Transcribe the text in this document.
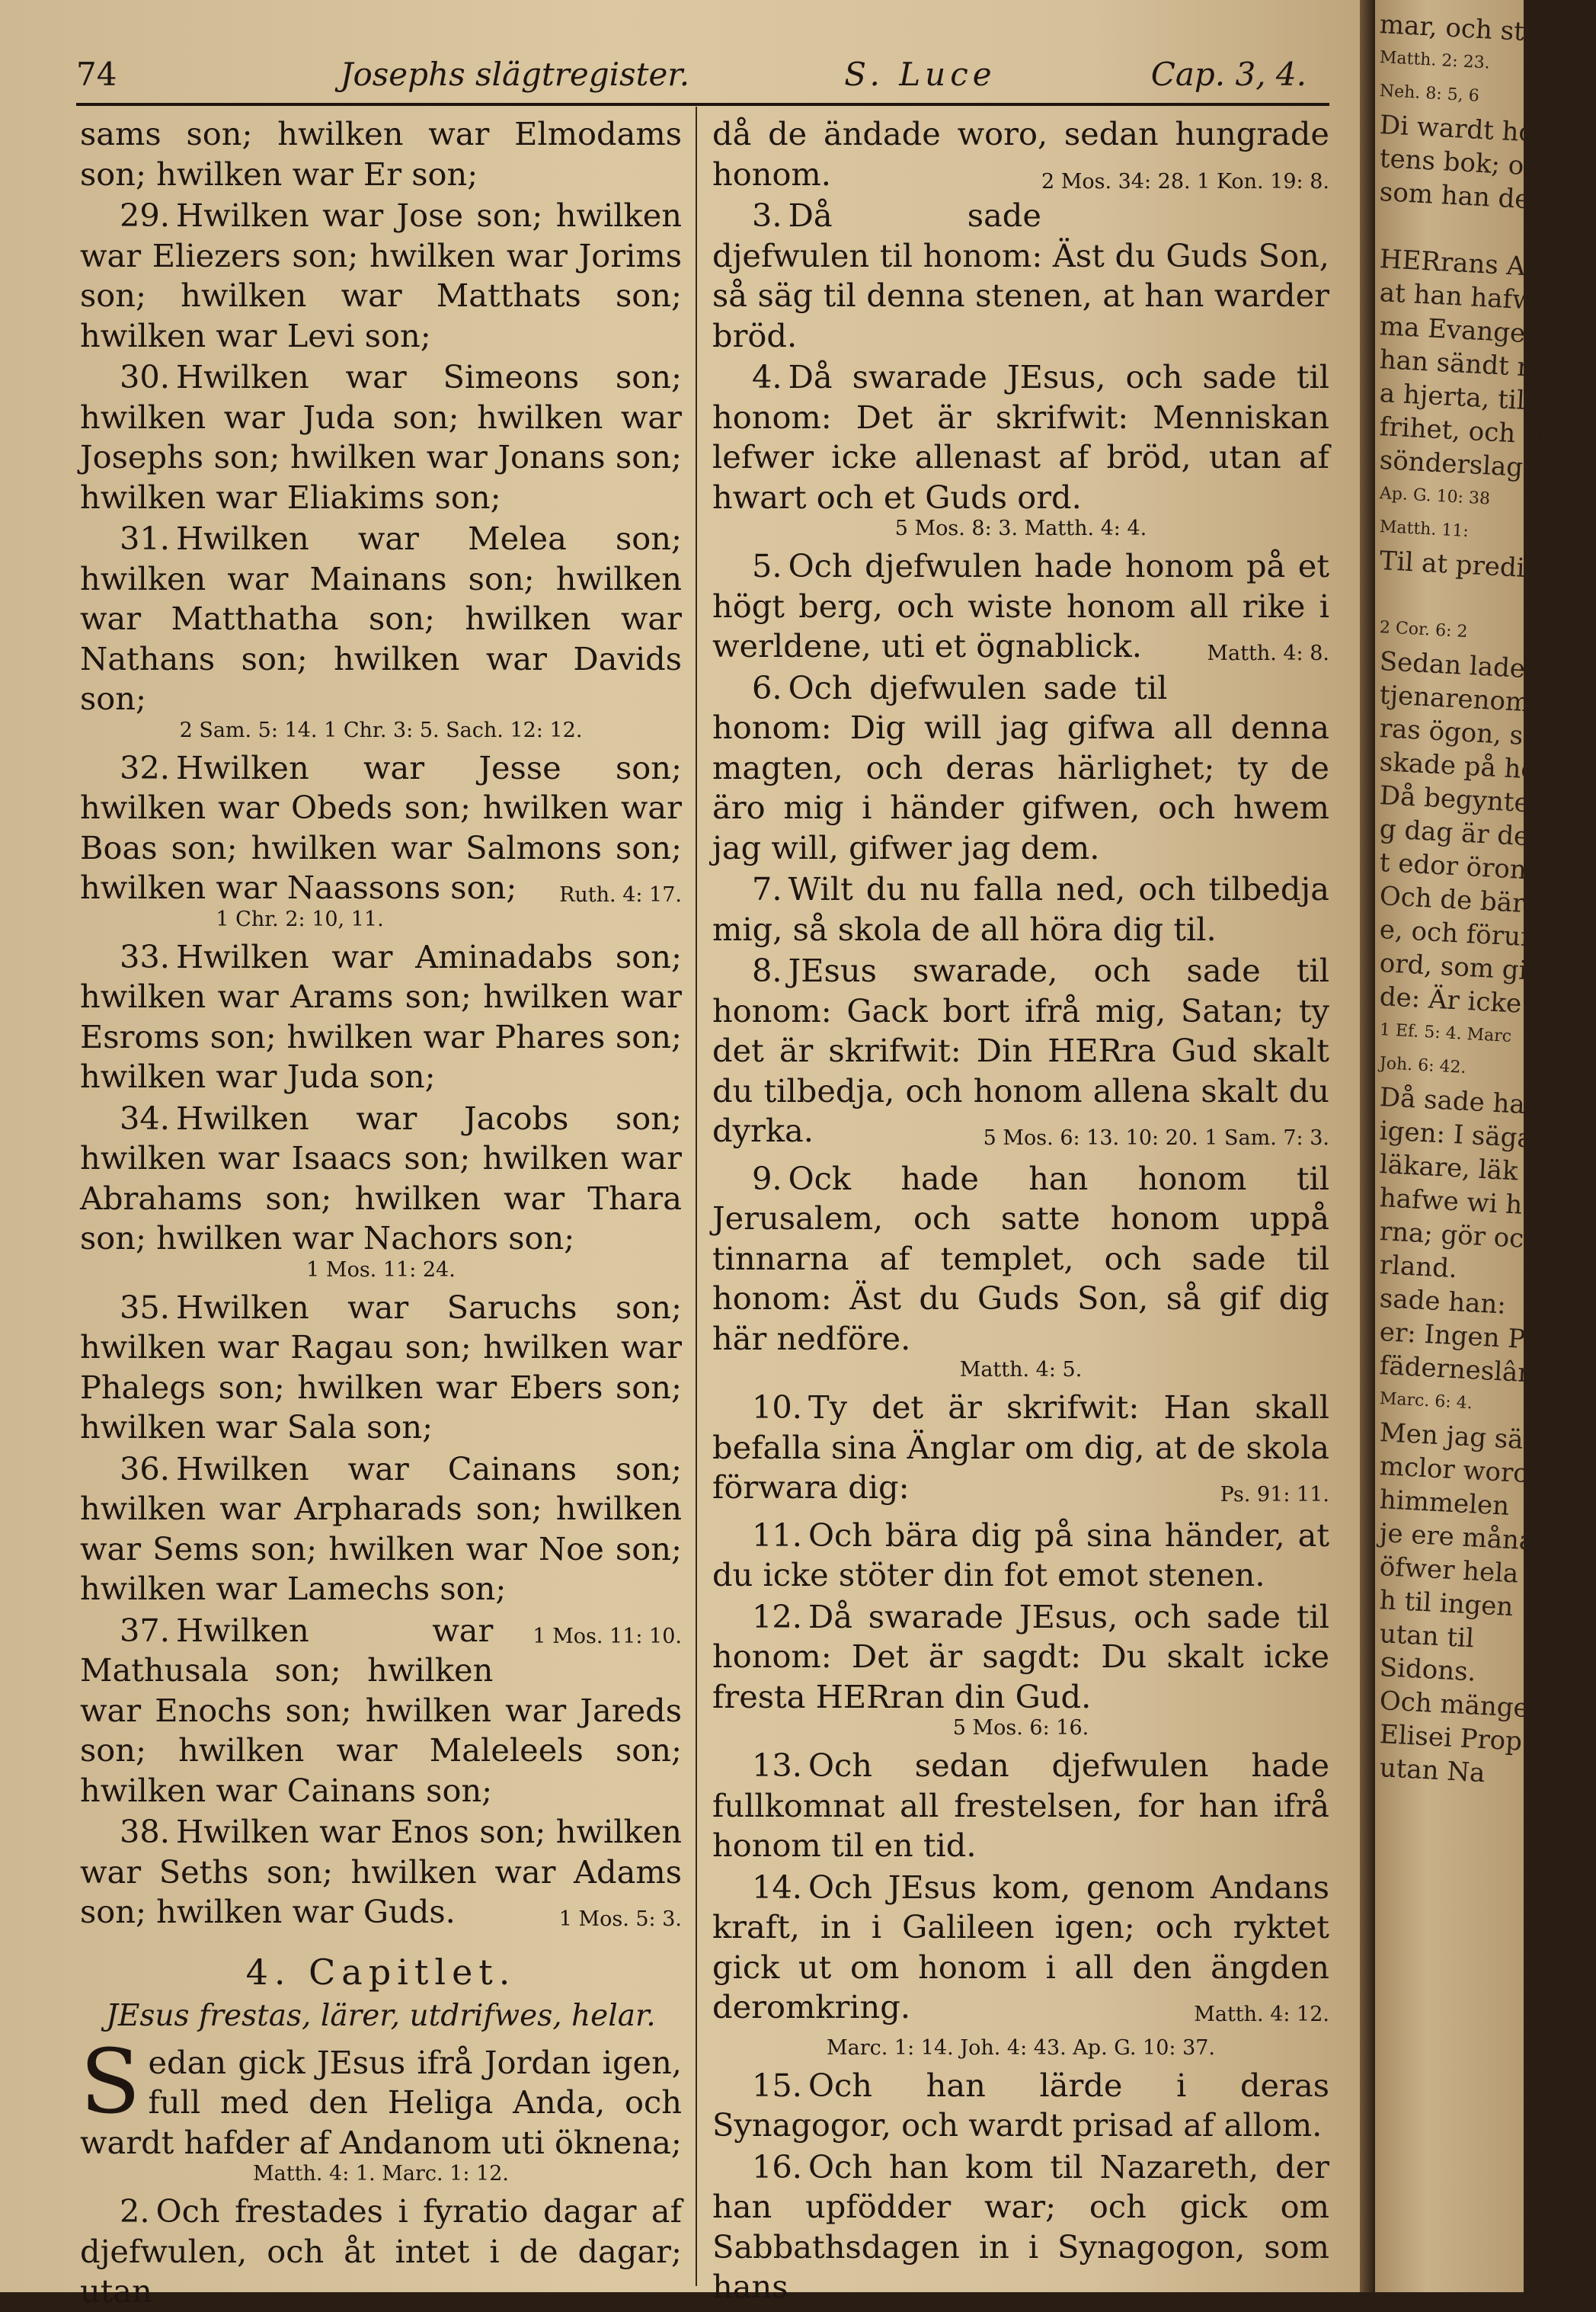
74	Josephs slägtregister.	S. Luce	Cap. 3, 4.
sams son; hwilken war Elmodams son; hwilken war Er son;
29. Hwilken war Jose son; hwilken war Eliezers son; hwilken war Jorims son; hwilken war Matthats son; hwilken war Levi son;
30. Hwilken war Simeons son; hwilken war Juda son; hwilken war Josephs son; hwilken war Jonans son; hwilken war Eliakims son;
31. Hwilken war Melea son; hwilken war Mainans son; hwilken war Matthatha son; hwilken war Nathans son; hwilken war Davids son;
2 Sam. 5: 14. 1 Chr. 3: 5. Sach. 12: 12.
32. Hwilken war Jesse son; hwilken war Obeds son; hwilken war Boas son; hwilken war Salmons son; hwilken war Naassons son;	Ruth. 4: 17.
1 Chr. 2: 10, 11.
33. Hwilken war Aminadabs son; hwilken war Arams son; hwilken war Esroms son; hwilken war Phares son; hwilken war Juda son;
34. Hwilken war Jacobs son; hwilken war Isaacs son; hwilken war Abrahams son; hwilken war Thara son; hwilken war Nachors son;
1 Mos. 11: 24.
35. Hwilken war Saruchs son; hwilken war Ragau son; hwilken war Phalegs son; hwilken war Ebers son; hwilken war Sala son;
36. Hwilken war Cainans son; hwilken war Arpharads son; hwilken war Sems son; hwilken war Noe son; hwilken war Lamechs son;
1 Mos. 11: 10.
37. Hwilken war Mathusala son; hwilken war Enochs son; hwilken war Jareds son; hwilken war Maleleels son; hwilken war Cainans son;
38. Hwilken war Enos son; hwilken war Seths son; hwilken war Adams son; hwilken war Guds.	1 Mos. 5: 3.
4. Capitlet.
JEsus frestas, lärer, utdrifwes, helar.
Sedan gick JEsus ifrå Jordan igen, full med den Heliga Anda, och wardt hafder af Andanom uti öknena;
Matth. 4: 1. Marc. 1: 12.
2. Och frestades i fyratio dagar af djefwulen, och åt intet i de dagar; utan
då de ändade woro, sedan hungrade honom.	2 Mos. 34: 28. 1 Kon. 19: 8.
3. Då sade djefwulen til honom: Äst du Guds Son, så säg til denna stenen, at han warder bröd.
4. Då swarade JEsus, och sade til honom: Det är skrifwit: Menniskan lefwer icke allenast af bröd, utan af hwart och et Guds ord.
5 Mos. 8: 3. Matth. 4: 4.
5. Och djefwulen hade honom på et högt berg, och wiste honom all rike i werldene, uti et ögnablick.	Matth. 4: 8.
6. Och djefwulen sade til honom: Dig will jag gifwa all denna magten, och deras härlighet; ty de äro mig i händer gifwen, och hwem jag will, gifwer jag dem.
7. Wilt du nu falla ned, och tilbedja mig, så skola de all höra dig til.
8. JEsus swarade, och sade til honom: Gack bort ifrå mig, Satan; ty det är skrifwit: Din HERra Gud skalt du tilbedja, och honom allena skalt du dyrka.	5 Mos. 6: 13. 10: 20. 1 Sam. 7: 3.
9. Ock hade han honom til Jerusalem, och satte honom uppå tinnarna af templet, och sade til honom: Äst du Guds Son, så gif dig här nedföre.
Matth. 4: 5.
10. Ty det är skrifwit: Han skall befalla sina Änglar om dig, at de skola förwara dig:	Ps. 91: 11.
11. Och bära dig på sina händer, at du icke stöter din fot emot stenen.
12. Då swarade JEsus, och sade til honom: Det är sagdt: Du skalt icke fresta HERran din Gud.
5 Mos. 6: 16.
13. Och sedan djefwulen hade fullkomnat all frestelsen, for han ifrå honom til en tid.
14. Och JEsus kom, genom Andans kraft, in i Galileen igen; och ryktet gick ut om honom i all den ängden deromkring.	Matth. 4: 12.
Marc. 1: 14. Joh. 4: 43. Ap. G. 10: 37.
15. Och han lärde i deras Synagogor, och wardt prisad af allom.
16. Och han kom til Nazareth, der han upfödder war; och gick om Sabbathsdagen in i Synagogon, som hans
mar, och stod
Matth. 2: 23.
Neh. 8: 5, 6
Di wardt honom
tens bok; och
som han det ru

HERrans Ande
at han hafwer
ma Evangelium
han sändt mig,
a hjerta, til
frihet, och den
sönderslagnom
Ap. G. 10: 38
Matth. 11:
Til at predika

2 Cor. 6: 2
Sedan lade han
tjenarenom, och
ras ögon, som
skade på honom
Då begynte ha
g dag är denna
t edor öron.
Och de bäro h
e, och förundra
ord, som gingo
de: Är icke denn
1 Ef. 5: 4. Marc
Joh. 6: 42.
Då sade han
igen: I säga til
läkare, läk di
hafwe wi h
rna; gör ock
rland.
sade han:
er: Ingen Pr
fäderneslând.
Marc. 6: 4.
Men jag säge
mclor woro
himmelen
je ere månader
öfwer hela land
h til ingen
utan til
Sidons.
Och mänge
Elisei Prop
utan Na
